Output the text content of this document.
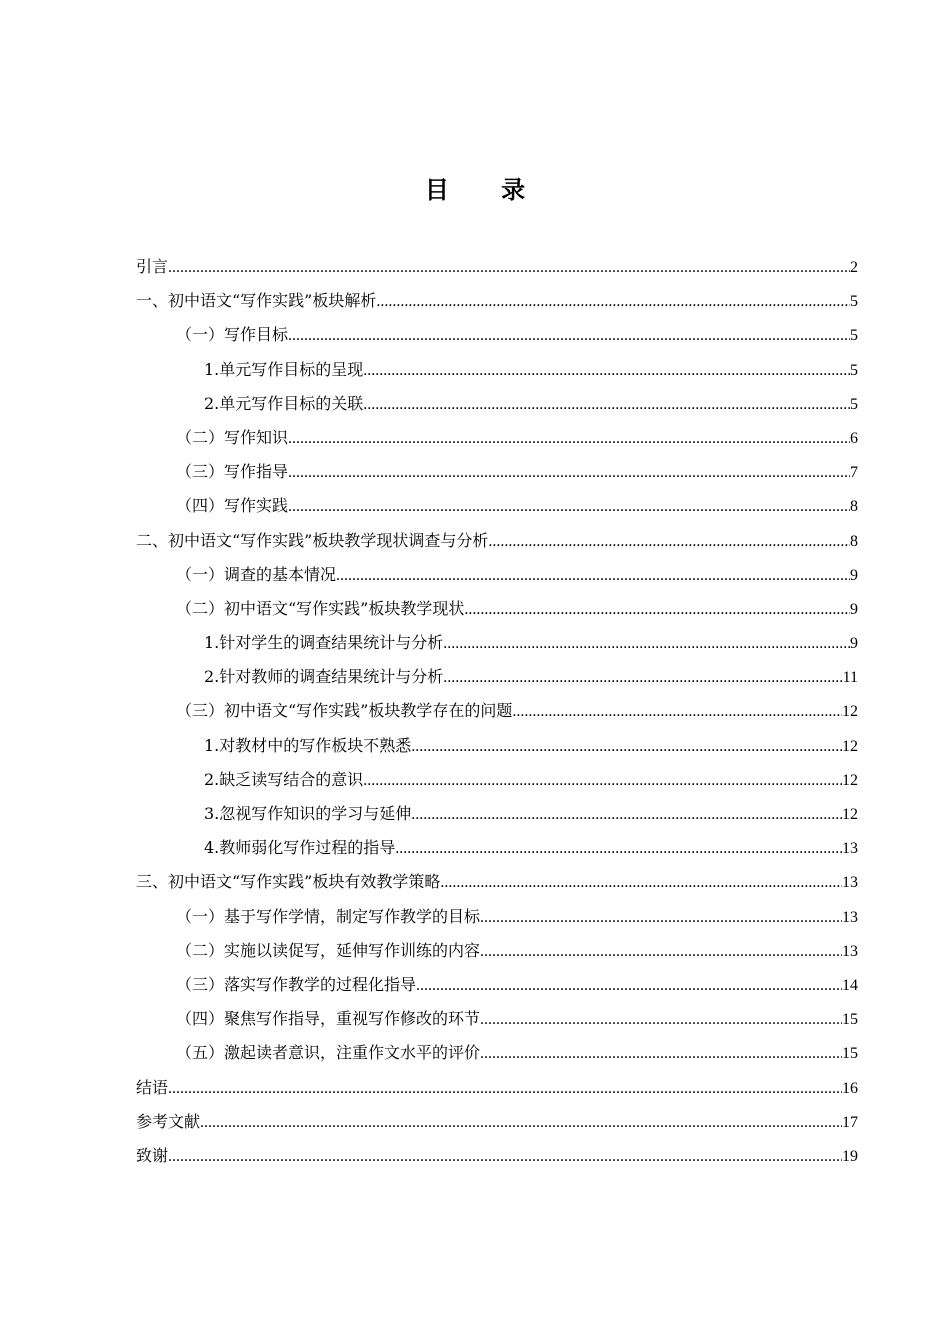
目 录
引言 .....	2
一、初中语文“写作实践”板块解析 .....	5
（一）写作目标 .....	5
1.单元写作目标的呈现 .....	5
2.单元写作目标的关联 .....	5
（二）写作知识 .....	6
（三）写作指导 .....	7
（四）写作实践 .....	8
二、初中语文“写作实践”板块教学现状调查与分析 .....	8
（一）调查的基本情况 .....	9
（二）初中语文“写作实践”板块教学现状 .....	9
1.针对学生的调查结果统计与分析 .....	9
2.针对教师的调查结果统计与分析 .....	11
（三）初中语文“写作实践”板块教学存在的问题 .....	12
1.对教材中的写作板块不熟悉 .....	12
2.缺乏读写结合的意识 .....	12
3.忽视写作知识的学习与延伸 .....	12
4.教师弱化写作过程的指导 .....	13
三、初中语文“写作实践”板块有效教学策略 .....	13
（一）基于写作学情，制定写作教学的目标 .....	13
（二）实施以读促写，延伸写作训练的内容 .....	13
（三）落实写作教学的过程化指导 .....	14
（四）聚焦写作指导，重视写作修改的环节 .....	15
（五）激起读者意识，注重作文水平的评价 .....	15
结语 .....	16
参考文献 .....	17
致谢 .....	19
